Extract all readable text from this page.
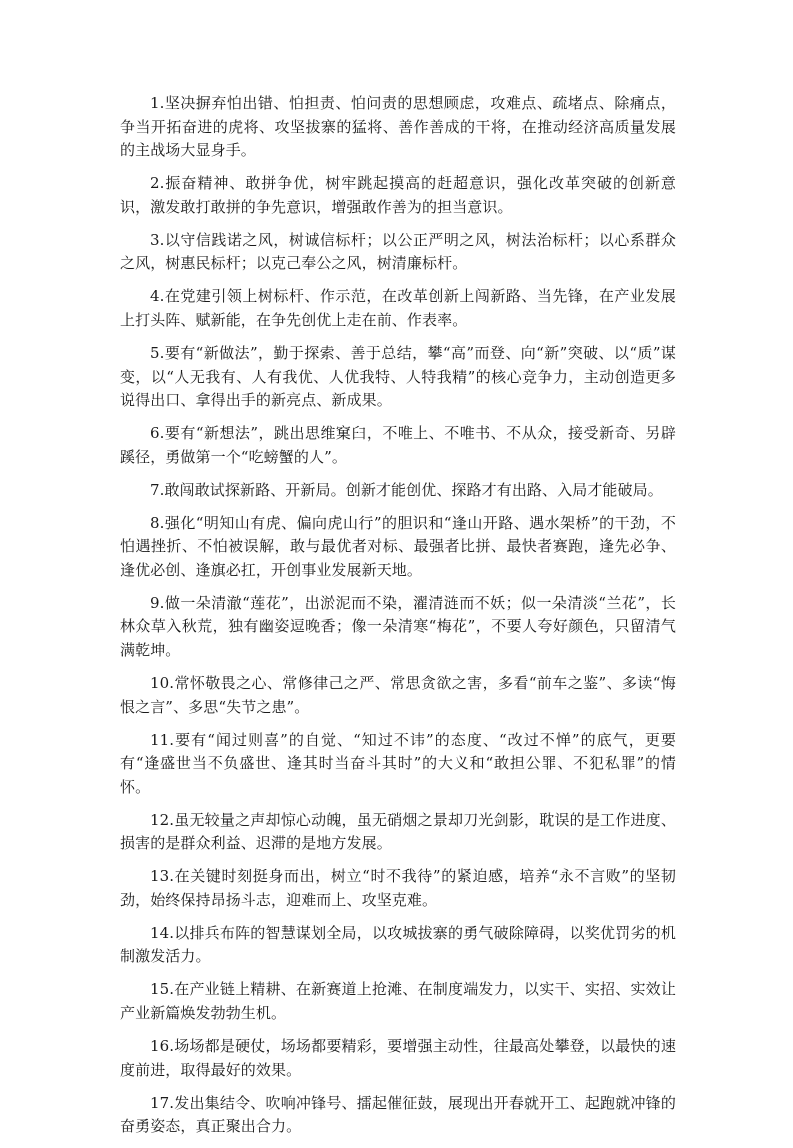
1.坚决摒弃怕出错、怕担责、怕问责的思想顾虑，攻难点、疏堵点、除痛点，争当开拓奋进的虎将、攻坚拔寨的猛将、善作善成的干将，在推动经济高质量发展的主战场大显身手。

2.振奋精神、敢拼争优，树牢跳起摸高的赶超意识，强化改革突破的创新意识，激发敢打敢拼的争先意识，增强敢作善为的担当意识。

3.以守信践诺之风，树诚信标杆；以公正严明之风，树法治标杆；以心系群众之风，树惠民标杆；以克己奉公之风，树清廉标杆。

4.在党建引领上树标杆、作示范，在改革创新上闯新路、当先锋，在产业发展上打头阵、赋新能，在争先创优上走在前、作表率。

5.要有“新做法”，勤于探索、善于总结，攀“高”而登、向“新”突破、以“质”谋变，以“人无我有、人有我优、人优我特、人特我精”的核心竞争力，主动创造更多说得出口、拿得出手的新亮点、新成果。

6.要有“新想法”，跳出思维窠臼，不唯上、不唯书、不从众，接受新奇、另辟蹊径，勇做第一个“吃螃蟹的人”。

7.敢闯敢试探新路、开新局。创新才能创优、探路才有出路、入局才能破局。

8.强化“明知山有虎、偏向虎山行”的胆识和“逢山开路、遇水架桥”的干劲，不怕遇挫折、不怕被误解，敢与最优者对标、最强者比拼、最快者赛跑，逢先必争、逢优必创、逢旗必扛，开创事业发展新天地。

9.做一朵清澈“莲花”，出淤泥而不染，濯清涟而不妖；似一朵清淡“兰花”，长林众草入秋荒，独有幽姿逗晚香；像一朵清寒“梅花”，不要人夸好颜色，只留清气满乾坤。

10.常怀敬畏之心、常修律己之严、常思贪欲之害，多看“前车之鉴”、多读“悔恨之言”、多思“失节之患”。

11.要有“闻过则喜”的自觉、“知过不讳”的态度、“改过不惮”的底气，更要有“逢盛世当不负盛世、逢其时当奋斗其时”的大义和“敢担公罪、不犯私罪”的情怀。

12.虽无较量之声却惊心动魄，虽无硝烟之景却刀光剑影，耽误的是工作进度、损害的是群众利益、迟滞的是地方发展。

13.在关键时刻挺身而出，树立“时不我待”的紧迫感，培养“永不言败”的坚韧劲，始终保持昂扬斗志，迎难而上、攻坚克难。

14.以排兵布阵的智慧谋划全局，以攻城拔寨的勇气破除障碍，以奖优罚劣的机制激发活力。

15.在产业链上精耕、在新赛道上抢滩、在制度端发力，以实干、实招、实效让产业新篇焕发勃勃生机。

16.场场都是硬仗，场场都要精彩，要增强主动性，往最高处攀登，以最快的速度前进，取得最好的效果。

17.发出集结令、吹响冲锋号、擂起催征鼓，展现出开春就开工、起跑就冲锋的奋勇姿态，真正聚出合力。
